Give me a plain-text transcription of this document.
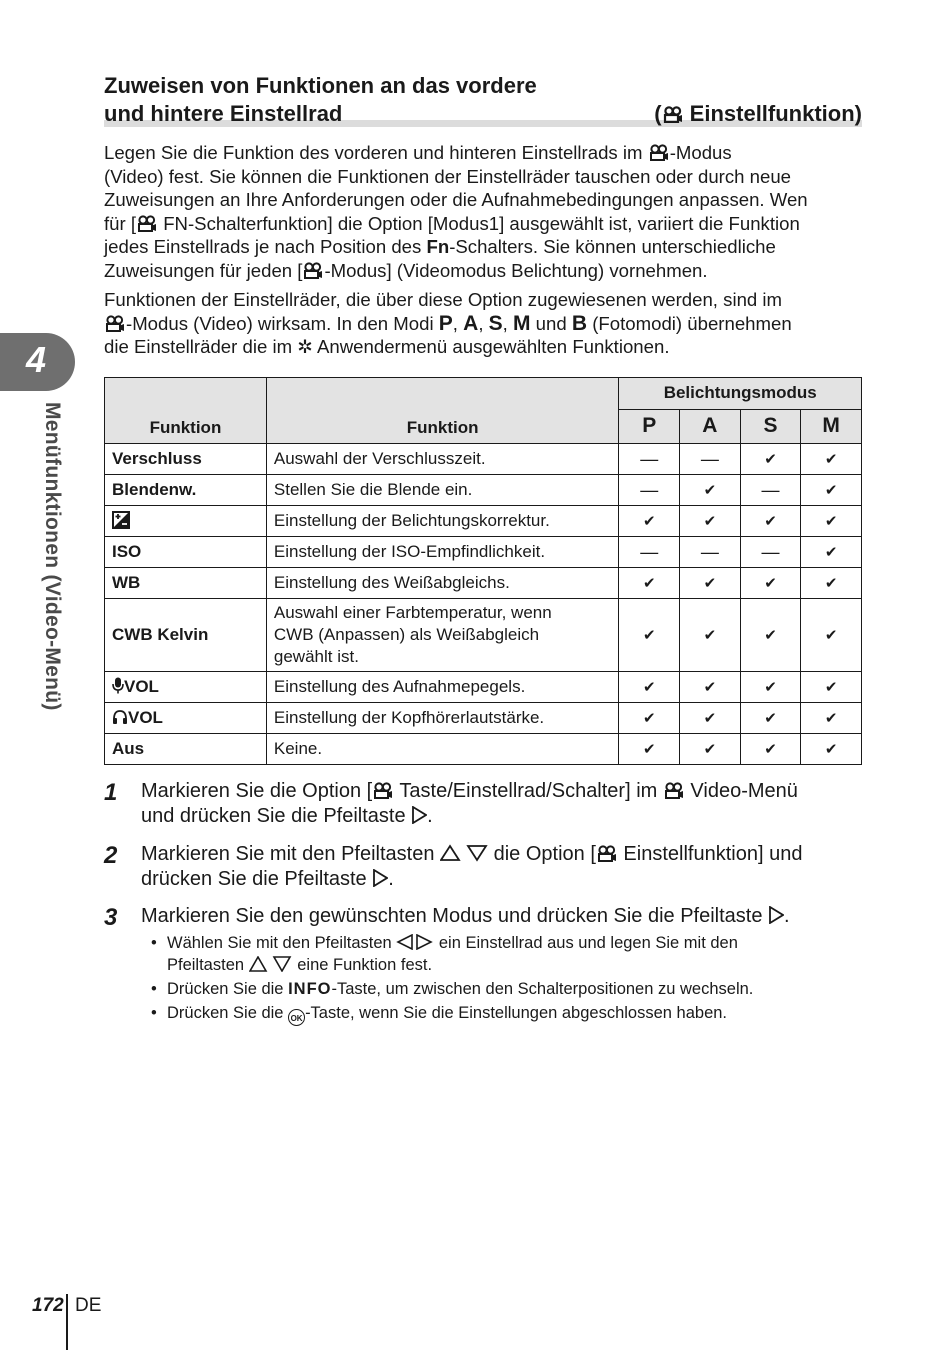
4
Menüfunktionen (Video-Menü)
Zuweisen von Funktionen an das vordere
und hintere Einstellrad	( Einstellfunktion)
Legen Sie die Funktion des vorderen und hinteren Einstellrads im
-Modus
(Video) fest. Sie können die Funktionen der Einstellräder tauschen oder durch neue
Zuweisungen an Ihre Anforderungen oder die Aufnahmebedingungen anpassen. Wen
für [
FN-Schalterfunktion] die Option [Modus1] ausgewählt ist, variiert die Funktion
jedes Einstellrads je nach Position des Fn-Schalters. Sie können unterschiedliche
Zuweisungen für jeden [ -Modus] (Videomodus Belichtung) vornehmen.
Funktionen der Einstellräder, die über diese Option zugewiesenen werden, sind im
-Modus (Video) wirksam. In den Modi P, A, S, M und B (Fotomodi) übernehmen
die Einstellräder die im ✲ Anwendermenü ausgewählten Funktionen.
Funktion	Funktion	Belichtungsmodus			
		P	A	S	M
Verschluss	Auswahl der Verschlusszeit.	—	—	✔	✔
Blendenw.	Stellen Sie die Blende ein.	—	✔	—	✔
	Einstellung der Belichtungskorrektur.	✔	✔	✔	✔
ISO	Einstellung der ISO-Empfindlichkeit.	—	—	—	✔
WB	Einstellung des Weißabgleichs.	✔	✔	✔	✔
CWB Kelvin	Auswahl einer Farbtemperatur, wenn
CWB (Anpassen) als Weißabgleich
gewählt ist.	✔	✔	✔	✔
VOL	Einstellung des Aufnahmepegels.	✔	✔	✔	✔
VOL	Einstellung der Kopfhörerlautstärke.	✔	✔	✔	✔
Aus	Keine.	✔	✔	✔	✔
1 Markieren Sie die Option [
Taste/Einstellrad/Schalter] im
Video-Menü
und drücken Sie die Pfeiltaste .
2 Markieren Sie mit den Pfeiltasten  die Option [
Einstellfunktion] und
drücken Sie die Pfeiltaste .
3 Markieren Sie den gewünschten Modus und drücken Sie die Pfeiltaste .
• Wählen Sie mit den Pfeiltasten  ein Einstellrad aus und legen Sie mit den
Pfeiltasten	eine Funktion fest.
• Drücken Sie die INFO-Taste, um zwischen den Schalterpositionen zu wechseln.
• Drücken Sie die OK -Taste, wenn Sie die Einstellungen abgeschlossen haben.
172 DE
